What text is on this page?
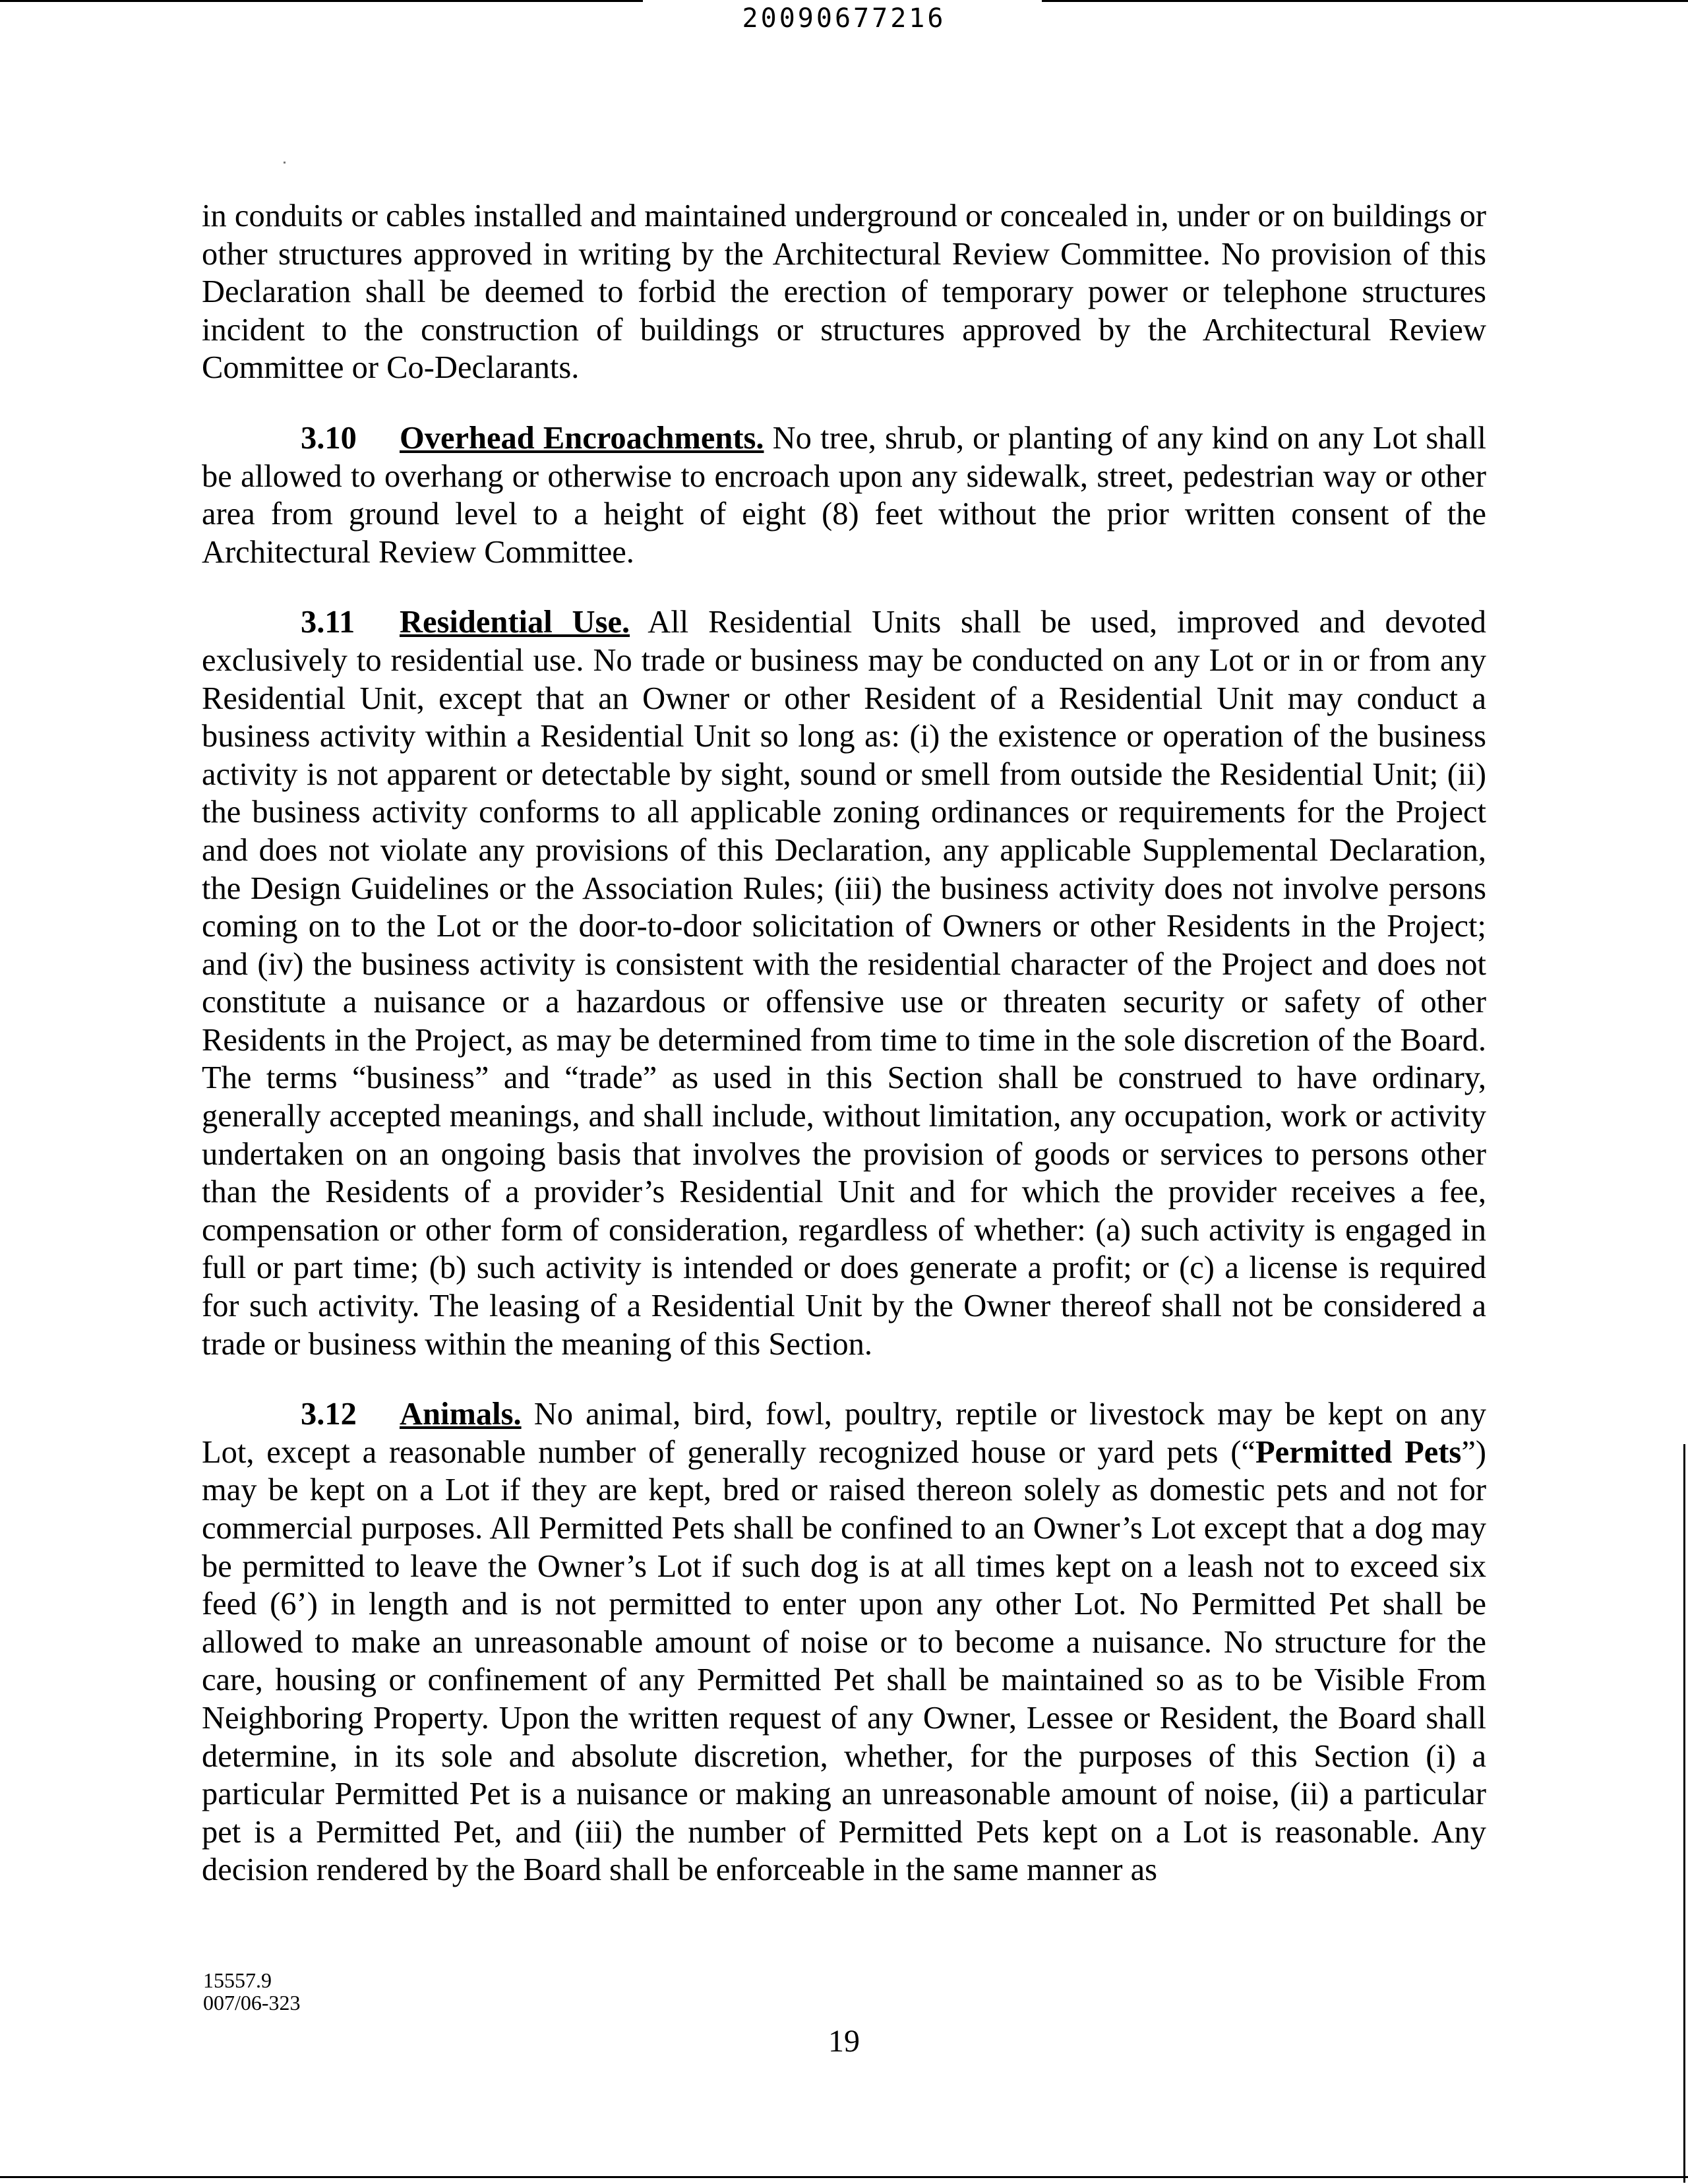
20090677216

in conduits or cables installed and maintained underground or concealed in, under or on buildings or other structures approved in writing by the Architectural Review Committee. No provision of this Declaration shall be deemed to forbid the erection of temporary power or telephone structures incident to the construction of buildings or structures approved by the Architectural Review Committee or Co-Declarants.

3.10 Overhead Encroachments. No tree, shrub, or planting of any kind on any Lot shall be allowed to overhang or otherwise to encroach upon any sidewalk, street, pedestrian way or other area from ground level to a height of eight (8) feet without the prior written consent of the Architectural Review Committee.

3.11 Residential Use. All Residential Units shall be used, improved and devoted exclusively to residential use. No trade or business may be conducted on any Lot or in or from any Residential Unit, except that an Owner or other Resident of a Residential Unit may conduct a business activity within a Residential Unit so long as: (i) the existence or operation of the business activity is not apparent or detectable by sight, sound or smell from outside the Residential Unit; (ii) the business activity conforms to all applicable zoning ordinances or requirements for the Project and does not violate any provisions of this Declaration, any applicable Supplemental Declaration, the Design Guidelines or the Association Rules; (iii) the business activity does not involve persons coming on to the Lot or the door-to-door solicitation of Owners or other Residents in the Project; and (iv) the business activity is consistent with the residential character of the Project and does not constitute a nuisance or a hazardous or offensive use or threaten security or safety of other Residents in the Project, as may be determined from time to time in the sole discretion of the Board. The terms “business” and “trade” as used in this Section shall be construed to have ordinary, generally accepted meanings, and shall include, without limitation, any occupation, work or activity undertaken on an ongoing basis that involves the provision of goods or services to persons other than the Residents of a provider’s Residential Unit and for which the provider receives a fee, compensation or other form of consideration, regardless of whether: (a) such activity is engaged in full or part time; (b) such activity is intended or does generate a profit; or (c) a license is required for such activity. The leasing of a Residential Unit by the Owner thereof shall not be considered a trade or business within the meaning of this Section.

3.12 Animals. No animal, bird, fowl, poultry, reptile or livestock may be kept on any Lot, except a reasonable number of generally recognized house or yard pets (“Permitted Pets”) may be kept on a Lot if they are kept, bred or raised thereon solely as domestic pets and not for commercial purposes. All Permitted Pets shall be confined to an Owner’s Lot except that a dog may be permitted to leave the Owner’s Lot if such dog is at all times kept on a leash not to exceed six feed (6’) in length and is not permitted to enter upon any other Lot. No Permitted Pet shall be allowed to make an unreasonable amount of noise or to become a nuisance. No structure for the care, housing or confinement of any Permitted Pet shall be maintained so as to be Visible From Neighboring Property. Upon the written request of any Owner, Lessee or Resident, the Board shall determine, in its sole and absolute discretion, whether, for the purposes of this Section (i) a particular Permitted Pet is a nuisance or making an unreasonable amount of noise, (ii) a particular pet is a Permitted Pet, and (iii) the number of Permitted Pets kept on a Lot is reasonable. Any decision rendered by the Board shall be enforceable in the same manner as

15557.9
007/06-323
19
